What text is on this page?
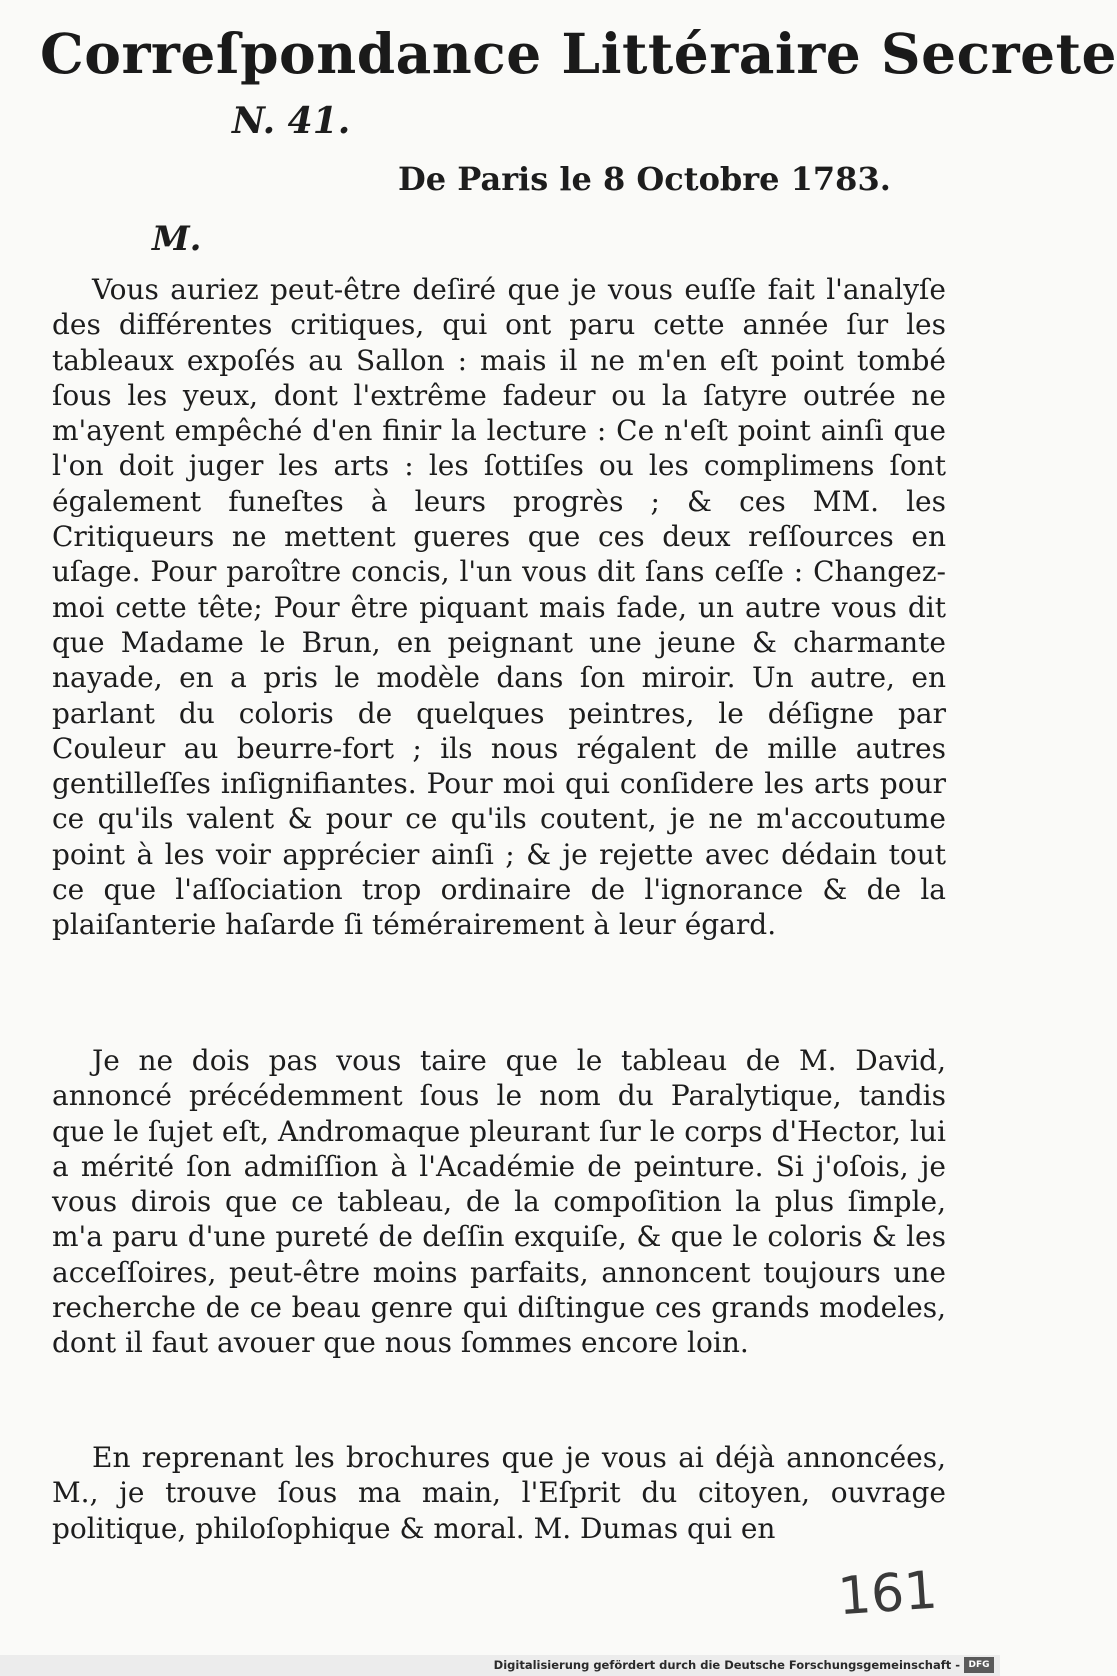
Correſpondance Littéraire Secrete
N. 41.
De Paris le 8 Octobre 1783.
M.

Vous auriez peut-être deſiré que je vous euſſe fait l'analyſe des différentes critiques, qui ont paru cette année ſur les tableaux expoſés au Sallon : mais il ne m'en eſt point tombé ſous les yeux, dont l'extrême fadeur ou la ſatyre outrée ne m'ayent empêché d'en finir la lecture : Ce n'eſt point ainſi que l'on doit juger les arts : les ſottiſes ou les complimens ſont également funeſtes à leurs progrès ; & ces MM. les Critiqueurs ne mettent gueres que ces deux reſſources en uſage. Pour paroître concis, l'un vous dit ſans ceſſe : Changez-moi cette tête; Pour être piquant mais fade, un autre vous dit que Madame le Brun, en peignant une jeune & charmante nayade, en a pris le modèle dans ſon miroir. Un autre, en parlant du coloris de quelques peintres, le déſigne par Couleur au beurre-fort ; ils nous régalent de mille autres gentilleſſes inſignifiantes. Pour moi qui conſidere les arts pour ce qu'ils valent & pour ce qu'ils coutent, je ne m'accoutume point à les voir apprécier ainſi ; & je rejette avec dédain tout ce que l'aſſociation trop ordinaire de l'ignorance & de la plaiſanterie haſarde ſi témérairement à leur égard.

Je ne dois pas vous taire que le tableau de M. David, annoncé précédemment ſous le nom du Paralytique, tandis que le ſujet eſt, Andromaque pleurant ſur le corps d'Hector, lui a mérité ſon admiſſion à l'Académie de peinture. Si j'oſois, je vous dirois que ce tableau, de la compoſition la plus ſimple, m'a paru d'une pureté de deſſin exquiſe, & que le coloris & les acceſſoires, peut-être moins parfaits, annoncent toujours une recherche de ce beau genre qui diſtingue ces grands modeles, dont il faut avouer que nous ſommes encore loin.

En reprenant les brochures que je vous ai déjà annoncées, M., je trouve ſous ma main, l'Eſprit du citoyen, ouvrage politique, philoſophique & moral. M. Dumas qui en

161
Digitalisierung gefördert durch die Deutsche Forschungsgemeinschaft - DFG
